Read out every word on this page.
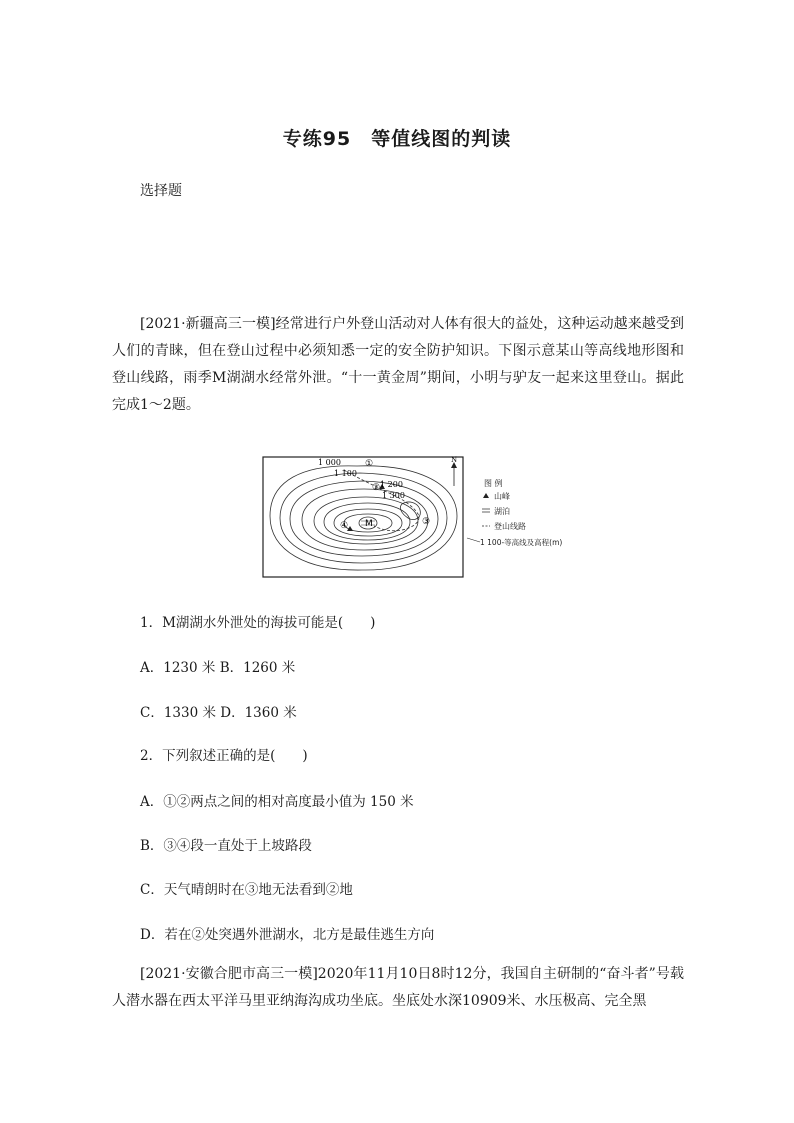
专练95　等值线图的判读
选择题
[2021·新疆高三一模]经常进行户外登山活动对人体有很大的益处，这种运动越来越受到人们的青睐，但在登山过程中必须知悉一定的安全防护知识。下图示意某山等高线地形图和登山线路，雨季M湖湖水经常外泄。“十一黄金周”期间，小明与驴友一起来这里登山。据此完成1～2题。
M
1 000
1 100
1 200
1 300
①
②
③
④
N
图 例
山峰
湖泊
登山线路
1 100-等高线及高程(m)
1．M湖湖水外泄处的海拔可能是(　　)
A．1230 米 B．1260 米
C．1330 米 D．1360 米
2．下列叙述正确的是(　　)
A．①②两点之间的相对高度最小值为 150 米
B．③④段一直处于上坡路段
C．天气晴朗时在③地无法看到②地
D．若在②处突遇外泄湖水，北方是最佳逃生方向
[2021·安徽合肥市高三一模]2020年11月10日8时12分，我国自主研制的“奋斗者”号载人潜水器在西太平洋马里亚纳海沟成功坐底。坐底处水深10909米、水压极高、完全黑
